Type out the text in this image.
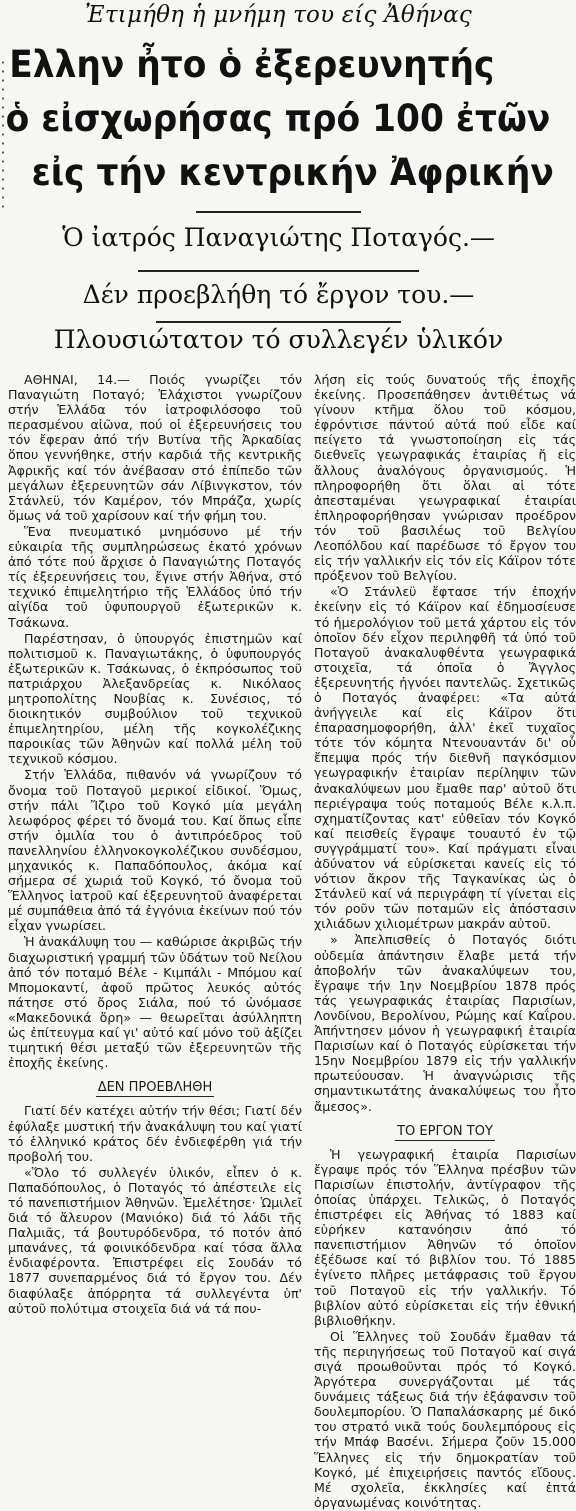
Ἐτιμήθη ἡ μνήμη του είς Ἀθήνας
Ελλην ἦτο ὁ ἐξερευνητής
ὁ εἰσχωρήσας πρό 100 ἐτῶν
εἰς τήν κεντρικήν Ἀφρικήν
Ὁ ἰατρός Παναγιώτης Ποταγός.—
Δέν προεβλήθη τό ἔργον του.—
Πλουσιώτατον τό συλλεγέν ὑλικόν

ΑΘΗΝΑΙ, 14.— Ποιός γνωρίζει τόν Παναγιώτη Ποταγό; Ἐλάχιστοι γνωρίζουν στήν Ἑλλάδα τόν ἰατροφιλόσοφο τοῦ περασμένου αἰῶνα, πού οἱ ἐξερευνήσεις του τόν ἔφεραν ἀπό τήν Βυτίνα τῆς Ἀρκαδίας ὅπου γεννήθηκε, στήν καρδιά τῆς κεντρικῆς Ἀφρικῆς καί τόν ἀνέβασαν στό ἐπίπεδο τῶν μεγάλων ἐξερευνητῶν σάν Λίβινγκστον, τόν Στάνλεϋ, τόν Καμέρον, τόν Μπράζα, χωρίς ὅμως νά τοῦ χαρίσουν καί τήν φήμη του.

Ἕνα πνευματικό μνημόσυνο μέ τήν εὐκαιρία τῆς συμπληρώσεως ἑκατό χρόνων ἀπό τότε πού ἄρχισε ὁ Παναγιώτης Ποταγός τίς ἐξερευνήσεις του, ἔγινε στήν Ἀθήνα, στό τεχνικό ἐπιμελητήριο τῆς Ἑλλάδος ὑπό τήν αἰγίδα τοῦ ὑφυπουργοῦ ἐξωτερικῶν κ. Τσάκωνα.

Παρέστησαν, ὁ ὑπουργός ἐπιστημῶν καί πολιτισμοῦ κ. Παναγιωτάκης, ὁ ὑφυπουργός ἐξωτερικῶν κ. Τσάκωνας, ὁ ἐκπρόσωπος τοῦ πατριάρχου Ἀλεξανδρείας κ. Νικόλαος μητροπολίτης Νουβίας κ. Συνέσιος, τό διοικητικόν συμβούλιον τοῦ τεχνικοῦ ἐπιμελητηρίου, μέλη τῆς κογκολέζικης παροικίας τῶν Ἀθηνῶν καί πολλά μέλη τοῦ τεχνικοῦ κόσμου.

Στήν Ἑλλάδα, πιθανόν νά γνωρίζουν τό ὄνομα τοῦ Ποταγοῦ μερικοί εἰδικοί. Ὅμως, στήν πάλι Ἴζιρο τοῦ Κογκό μία μεγάλη λεωφόρος φέρει τό ὄνομά του. Καί ὅπως εἶπε στήν ὁμιλία του ὁ ἀντιπρόεδρος τοῦ πανελληνίου ἑλληνοκογκολέζικου συνδέσμου, μηχανικός κ. Παπαδόπουλος, ἀκόμα καί σήμερα σέ χωριά τοῦ Κογκό, τό ὄνομα τοῦ Ἕλληνος ἰατροῦ καί ἐξερευνητοῦ ἀναφέρεται μέ συμπάθεια ἀπό τά ἐγγόνια ἐκείνων πού τόν εἶχαν γνωρίσει.

Ἡ ἀνακάλυψη του — καθώρισε ἀκριβῶς τήν διαχωριστική γραμμή τῶν ὑδάτων τοῦ Νείλου ἀπό τόν ποταμό Βέλε - Κιμπάλι - Μπόμου καί Μπομοκαντί, ἀφοῦ πρῶτος λευκός αὐτός πάτησε στό ὄρος Σιάλα, πού τό ὠνόμασε «Μακεδονικά ὄρη» — θεωρεῖται ἀσύλληπτη ὡς ἐπίτευγμα καί γι' αὐτό καί μόνο τοῦ ἀξίζει τιμητική θέσι μεταξύ τῶν ἐξερευνητῶν τῆς ἐποχῆς ἐκείνης.

ΔΕΝ ΠΡΟΕΒΛΗΘΗ

Γιατί δέν κατέχει αὐτήν τήν θέσι; Γιατί δέν ἐφύλαξε μυστική τήν ἀνακάλυψη του καί γιατί τό ἑλληνικό κράτος δέν ἐνδιεφέρθη γιά τήν προβολή του.

«Ὅλο τό συλλεγέν ὑλικόν, εἶπεν ὁ κ. Παπαδόπουλος, ὁ Ποταγός τό ἀπέστειλε εἰς τό πανεπιστήμιον Ἀθηνῶν. Ἐμελέτησε· Ὡμιλεῖ διά τό ἄλευρον (Μανιόκο) διά τό λάδι τῆς Παλμιᾶς, τά βουτυρόδενδρα, τό ποτόν ἀπό μπανάνες, τά φοινικόδενδρα καί τόσα ἄλλα ἐνδιαφέροντα. Ἐπιστρέφει εἰς Σουδάν τό 1877 συνεπαρμένος διά τό ἔργον του. Δέν διαφύλαξε ἀπόρρητα τά συλλεγέντα ὑπ' αὐτοῦ πολύτιμα στοιχεῖα διά νά τά που-

λήση εἰς τούς δυνατούς τῆς ἐποχῆς ἐκείνης. Προσεπάθησεν ἀντιθέτως νά γίνουν κτῆμα ὅλου τοῦ κόσμου, ἐφρόντισε πάντού αὐτά πού εἶδε καί πείγετο τά γνωστοποίηση εἰς τάς διεθνεῖς γεωγραφικάς ἑταιρίας ἤ εἰς ἄλλους ἀναλόγους ὀργανισμούς. Ἡ πληροφορήθη ὅτι ὅλαι αἱ τότε ἀπεσταμέναι γεωγραφικαί ἑταιρίαι ἐπληροφορήθησαν γνώρισαν προέδρον τόν τοῦ βασιλέως τοῦ Βελγίου Λεοπόλδου καί παρέδωσε τό ἔργον του εἰς τήν γαλλικήν εἰς τόν εἰς Κάϊρον τότε πρόξενον τοῦ Βελγίου.

«Ὁ Στάνλεϋ ἔφτασε τήν ἐποχήν ἐκείνην εἰς τό Κάϊρον καί ἐδημοσίευσε τό ἡμερολόγιον τοῦ μετά χάρτου εἰς τόν ὁποῖον δέν εἶχον περιληφθῆ τά ὑπό τοῦ Ποταγοῦ ἀνακαλυφθέντα γεωγραφικά στοιχεῖα, τά ὁποῖα ὁ Ἄγγλος ἐξερευνητής ἠγνόει παντελῶς. Σχετικῶς ὁ Ποταγός ἀναφέρει: «Τα αὐτά ἀνήγγειλε καί εἰς Κάϊρον ὅτι ἐπαρασημοφορήθη, ἀλλ' ἐκεῖ τυχαῖος τότε τόν κόμητα Ντενουαντάν δι' οὗ ἔπεμψα πρός τήν διεθνῆ παγκόσμιον γεωγραφικήν ἑταιρίαν περίληψιν τῶν ἀνακαλύψεων μου ἔμαθε παρ' αὐτοῦ ὅτι περιέγραψα τούς ποταμούς Βέλε κ.λ.π. σχηματίζοντας κατ' εὐθεῖαν τόν Κογκό καί πεισθείς ἔγραψε τουαυτό ἐν τῷ συγγράμματί του». Καί πράγματι εἶναι ἀδύνατον νά εὑρίσκεται κανείς εἰς τό νότιον ἄκρον τῆς Ταγκανίκας ὡς ὁ Στάνλεϋ καί νά περιγράφη τί γίνεται εἰς τόν ροῦν τῶν ποταμῶν εἰς ἀπόστασιν χιλιάδων χιλιομέτρων μακράν αὐτοῦ.

» Ἀπελπισθείς ὁ Ποταγός διότι οὐδεμία ἀπάντησιν ἔλαβε μετά τήν ἀποβολήν τῶν ἀνακαλύψεων του, ἔγραψε τήν 1ην Νοεμβρίου 1878 πρός τάς γεωγραφικάς ἑταιρίας Παρισίων, Λονδίνου, Βερολίνου, Ρώμης καί Καΐρου. Ἀπήντησεν μόνον ἡ γεωγραφική ἑταιρία Παρισίων καί ὁ Ποταγός εὑρίσκεται τήν 15ην Νοεμβρίου 1879 εἰς τήν γαλλικήν πρωτεύουσαν. Ἡ ἀναγνώρισις τῆς σημαντικωτάτης ἀνακαλύψεως του ἦτο ἄμεσος».

ΤΟ ΕΡΓΟΝ ΤΟΥ

Ἡ γεωγραφική ἑταιρία Παρισίων ἔγραψε πρός τόν Ἕλληνα πρέσβυν τῶν Παρισίων ἐπιστολήν, ἀντίγραφον τῆς ὁποίας ὑπάρχει. Τελικῶς, ὁ Ποταγός ἐπιστρέφει εἰς Ἀθήνας τό 1883 καί εὑρήκεν κατανόησιν ἀπό τό πανεπιστήμιον Ἀθηνῶν τό ὁποῖον ἐξέδωσε καί τό βιβλίον του. Τό 1885 ἐγίνετο πλῆρες μετάφρασις τοῦ ἔργου τοῦ Ποταγοῦ εἰς τήν γαλλικήν. Τό βιβλίον αὐτό εὑρίσκεται εἰς τήν ἐθνική βιβλιοθήκην.

Οἱ Ἕλληνες τοῦ Σουδάν ἔμαθαν τά τῆς περιηγήσεως τοῦ Ποταγοῦ καί σιγά σιγά προωθοῦνται πρός τό Κογκό. Ἀργότερα συνεργάζονται μέ τάς δυνάμεις τάξεως διά τήν ἐξάφανσιν τοῦ δουλεμπορίου. Ὁ Παπαλάσκαρης μέ δικό του στρατό νικᾶ τούς δουλεμπόρους εἰς τήν Μπάφ Βασένι. Σήμερα ζοῦν 15.000 Ἕλληνες εἰς τήν δημοκρατίαν τοῦ Κογκό, μέ ἐπιχειρήσεις παντός εἴδους. Μέ σχολεῖα, ἐκκλησίες καί ἐπτά ὀργανωμένας κοινότητας.
